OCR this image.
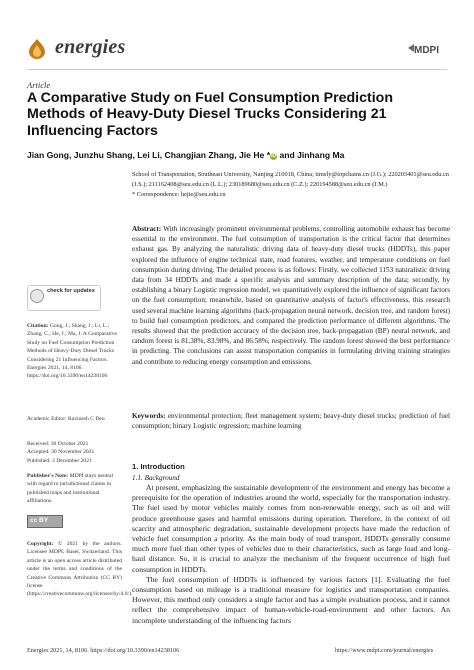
energies	MDPI
Article
A Comparative Study on Fuel Consumption Prediction Methods of Heavy-Duty Diesel Trucks Considering 21 Influencing Factors
Jian Gong, Junzhu Shang, Lei Li, Changjian Zhang, Jie He *iD and Jinhang Ma
School of Transportation, Southeast University, Nanjing 210018, China; timely@topchains.cn (J.G.); 220203401@seu.edu.cn (J.S.); 211162408@seu.edu.cn (L.L.); 230189680@seu.edu.cn (C.Z.); 220194588@seu.edu.cn (J.M.)
* Correspondence: hejie@seu.edu.cn
Abstract: With increasingly prominent environmental problems, controlling automobile exhaust has become essential to the environment. The fuel consumption of transportation is the critical factor that determines exhaust gas. By analyzing the naturalistic driving data of heavy-duty diesel trucks (HDDTs), this paper explored the influence of engine technical state, road features, weather, and temperature conditions on fuel consumption during driving. The detailed process is as follows: Firstly, we collected 1153 naturalistic driving data from 34 HDDTs and made a specific analysis and summary description of the data; secondly, by establishing a binary Logistic regression model, we quantitatively explored the influence of significant factors on the fuel consumption; meanwhile, based on quantitative analysis of factor's effectiveness, this research used several machine learning algorithms (back-propagation neural network, decision tree, and random forest) to build fuel consumption predictors, and compared the prediction performance of different algorithms. The results showed that the prediction accuracy of the decision tree, back-propagation (BP) neural network, and random forest is 81.38%, 83.98%, and 86.58%, respectively. The random forest showed the best performance in predicting. The conclusions can assist transportation companies in formulating driving training strategies and contribute to reducing energy consumption and emissions.
Keywords: environmental protection; fleet management system; heavy-duty diesel trucks; prediction of fuel consumption; binary Logistic regression; machine learning
1. Introduction
1.1. Background

At present, emphasizing the sustainable development of the environment and energy has become a prerequisite for the operation of industries around the world, especially for the transportation industry. The fuel used by motor vehicles mainly comes from non-renewable energy, such as oil and will produce greenhouse gases and harmful emissions during operation. Therefore, in the context of oil scarcity and atmospheric degradation, sustainable development projects have made the reduction of vehicle fuel consumption a priority. As the main body of road transport, HDDTs generally consume much more fuel than other types of vehicles due to their characteristics, such as large load and long-haul distance. So, it is crucial to analyze the mechanism of the frequent occurrence of high fuel consumption in HDDTs.

The fuel consumption of HDDTs is influenced by various factors [1]. Evaluating the fuel consumption based on mileage is a traditional measure for logistics and transportation companies. However, this method only considers a single factor and has a simple evaluation process, and it cannot reflect the comprehensive impact of human-vehicle-road-environment and other factors. An incomplete understanding of the influencing factors

check for updates
Citation: Gong, J.; Shang, J.; Li, L.; Zhang, C.; He, J.; Ma, J. A Comparative Study on Fuel Consumption Prediction Methods of Heavy-Duty Diesel Trucks Considering 21 Influencing Factors. Energies 2021, 14, 8106. https://doi.org/10.3390/en14238106
Academic Editor: Ravinesh C Deo
Received: 30 October 2021
Accepted: 30 November 2021
Published: 3 December 2021
Publisher's Note: MDPI stays neutral with regard to jurisdictional claims in published maps and institutional affiliations.
cc BY
Copyright: © 2021 by the authors. Licensee MDPI, Basel, Switzerland. This article is an open access article distributed under the terms and conditions of the Creative Commons Attribution (CC BY) license (https://creativecommons.org/licenses/by/4.0/).
Energies 2021, 14, 8106. https://doi.org/10.3390/en14238106	https://www.mdpi.com/journal/energies
